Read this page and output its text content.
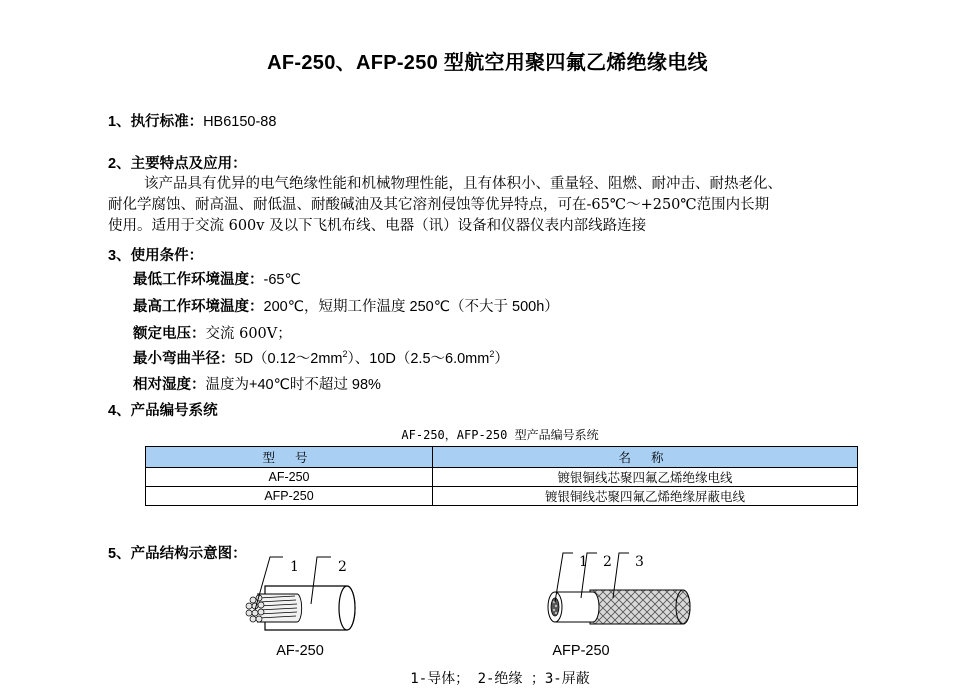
AF-250、AFP-250 型航空用聚四氟乙烯绝缘电线
1、执行标准：HB6150-88
2、主要特点及应用：
该产品具有优异的电气绝缘性能和机械物理性能，且有体积小、重量轻、阻燃、耐冲击、耐热老化、
耐化学腐蚀、耐高温、耐低温、耐酸碱油及其它溶剂侵蚀等优异特点，可在-65℃～+250℃范围内长期
使用。适用于交流 600v 及以下飞机布线、电器（讯）设备和仪器仪表内部线路连接
3、使用条件：
最低工作环境温度：-65℃
最高工作环境温度：200℃，短期工作温度 250℃（不大于 500h）
额定电压：交流 600V；
最小弯曲半径：$5D(0.12\sim 2mm^2)$、$10D(2.5\sim 6.0mm^2)$
相对湿度：温度为+40℃时不超过 98%
4、产品编号系统
AF-250，AFP-250 型产品编号系统
型 号	名 称
AF-250	镀银铜线芯聚四氟乙烯绝缘电线
AFP-250	镀银铜线芯聚四氟乙烯绝缘屏蔽电线
5、产品结构示意图：
1	2
AF-250
1 2 3
AFP-250
1-导体； 2-绝缘 ；3-屏蔽
